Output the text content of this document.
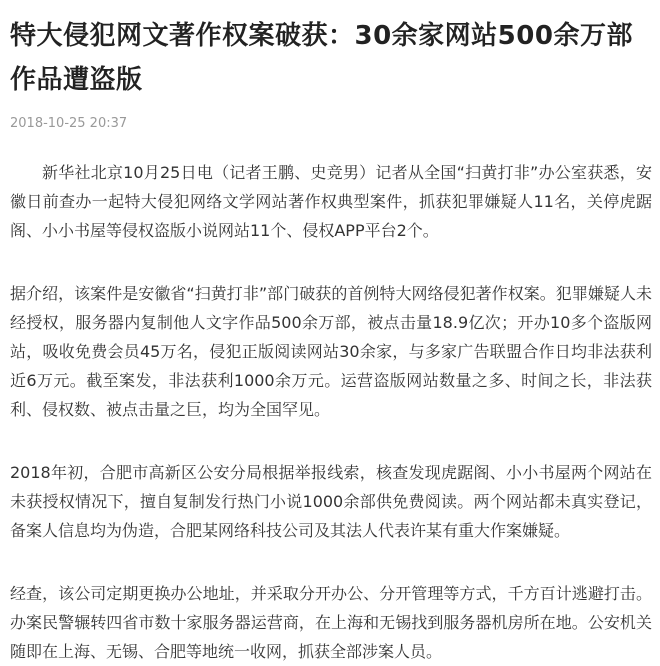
特大侵犯网文著作权案破获：30余家网站500余万部作品遭盗版
2018-10-25 20:37

新华社北京10月25日电（记者王鹏、史竞男）记者从全国“扫黄打非”办公室获悉，安徽日前查办一起特大侵犯网络文学网站著作权典型案件，抓获犯罪嫌疑人11名，关停虎踞阁、小小书屋等侵权盗版小说网站11个、侵权APP平台2个。

据介绍，该案件是安徽省“扫黄打非”部门破获的首例特大网络侵犯著作权案。犯罪嫌疑人未经授权，服务器内复制他人文字作品500余万部，被点击量18.9亿次；开办10多个盗版网站，吸收免费会员45万名，侵犯正版阅读网站30余家，与多家广告联盟合作日均非法获利近6万元。截至案发，非法获利1000余万元。运营盗版网站数量之多、时间之长，非法获利、侵权数、被点击量之巨，均为全国罕见。

2018年初，合肥市高新区公安分局根据举报线索，核查发现虎踞阁、小小书屋两个网站在未获授权情况下，擅自复制发行热门小说1000余部供免费阅读。两个网站都未真实登记，备案人信息均为伪造，合肥某网络科技公司及其法人代表许某有重大作案嫌疑。

经查，该公司定期更换办公地址，并采取分开办公、分开管理等方式，千方百计逃避打击。办案民警辗转四省市数十家服务器运营商，在上海和无锡找到服务器机房所在地。公安机关随即在上海、无锡、合肥等地统一收网，抓获全部涉案人员。
